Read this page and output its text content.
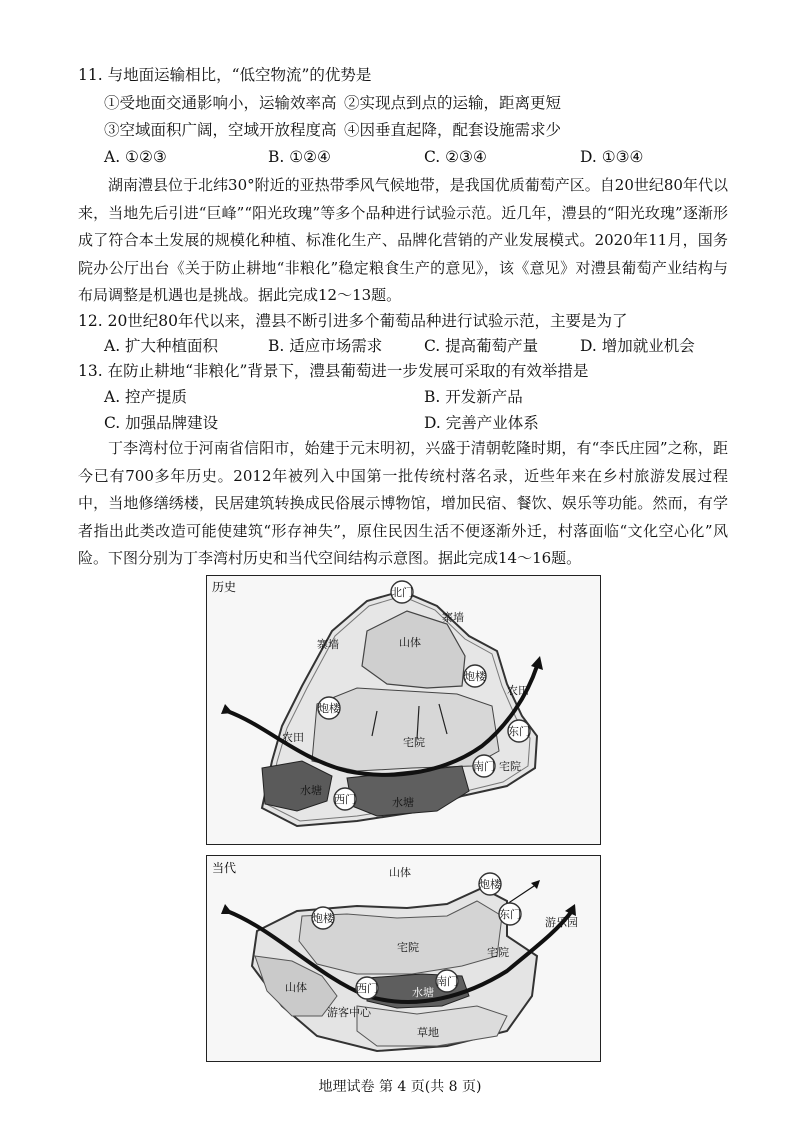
11. 与地面运输相比，“低空物流”的优势是
①受地面交通影响小，运输效率高 ②实现点到点的运输，距离更短
③空域面积广阔，空域开放程度高 ④因垂直起降，配套设施需求少
A. ①②③	B. ①②④	C. ②③④	D. ①③④
湖南澧县位于北纬30°附近的亚热带季风气候地带，是我国优质葡萄产区。自20世纪80年代以来，当地先后引进“巨峰”“阳光玫瑰”等多个品种进行试验示范。近几年，澧县的“阳光玫瑰”逐渐形成了符合本土发展的规模化种植、标准化生产、品牌化营销的产业发展模式。2020年11月，国务院办公厅出台《关于防止耕地“非粮化”稳定粮食生产的意见》，该《意见》对澧县葡萄产业结构与布局调整是机遇也是挑战。据此完成12～13题。
12. 20世纪80年代以来，澧县不断引进多个葡萄品种进行试验示范，主要是为了
A. 扩大种植面积	B. 适应市场需求	C. 提高葡萄产量	D. 增加就业机会
13. 在防止耕地“非粮化”背景下，澧县葡萄进一步发展可采取的有效举措是
A. 控产提质	B. 开发新产品
C. 加强品牌建设	D. 完善产业体系
丁李湾村位于河南省信阳市，始建于元末明初，兴盛于清朝乾隆时期，有“李氏庄园”之称，距今已有700多年历史。2012年被列入中国第一批传统村落名录，近些年来在乡村旅游发展过程中，当地修缮绣楼，民居建筑转换成民俗展示博物馆，增加民宿、餐饮、娱乐等功能。然而，有学者指出此类改造可能使建筑“形存神失”，原住民因生活不便逐渐外迁，村落面临“文化空心化”风险。下图分别为丁李湾村历史和当代空间结构示意图。据此完成14～16题。
历史	北门
东门
南门
西门
炮楼
炮楼
寨墙
寨墙	山体
农田
农田	宅院
宅院
水塘
水塘
当代	山体
炮楼
炮楼
东门
南门
西门
游乐园
宅院	宅院
山体	水塘
游客中心
草地
地理试卷 第 4 页(共 8 页)
